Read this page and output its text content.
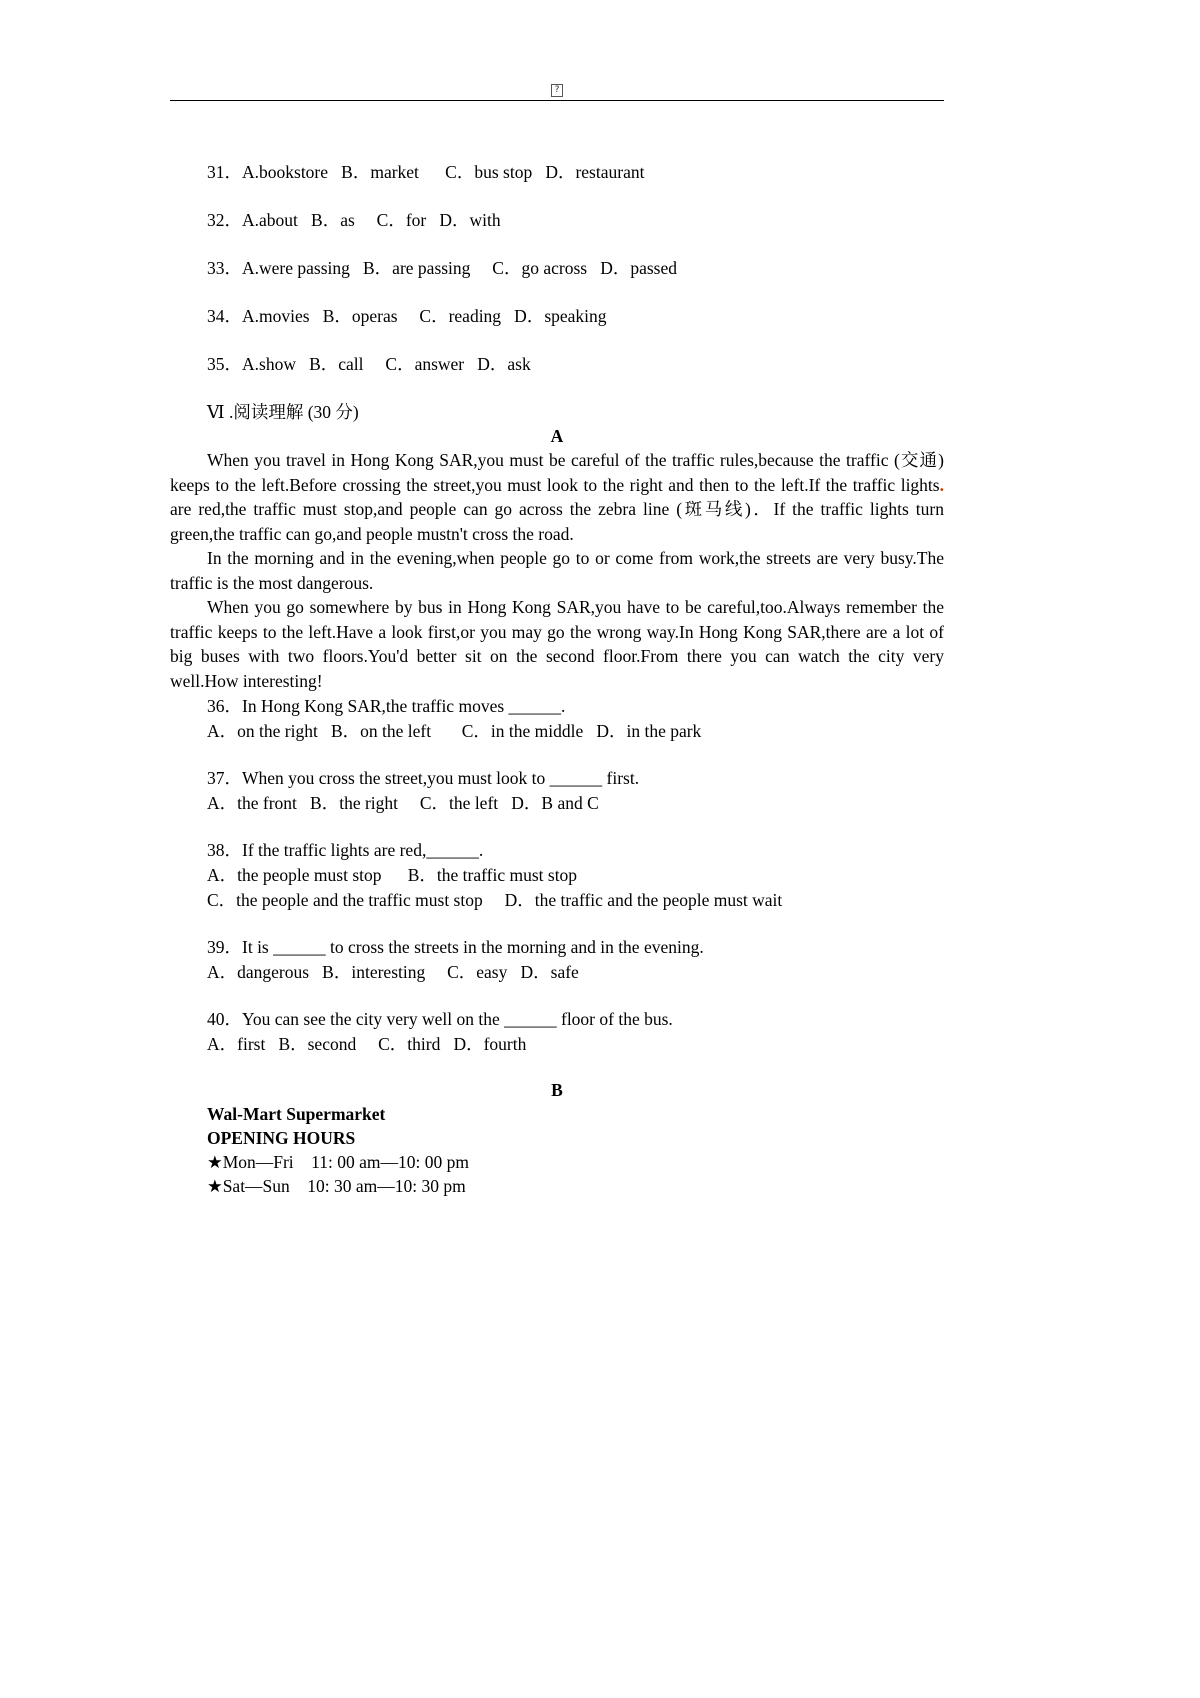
?

31．A.bookstore   B．market      C．bus stop   D．restaurant

32．A.about   B．as     C．for   D．with

33．A.were passing   B．are passing     C．go across   D．passed

34．A.movies   B．operas     C．reading   D．speaking

35．A.show   B．call     C．answer   D．ask

Ⅵ .阅读理解 (30 分)

A

When you travel in Hong Kong SAR,you must be careful of the traffic rules,because the traffic (交通) keeps to the left.Before crossing the street,you must look to the right and then to the left.If the traffic lights. are red,the traffic must stop,and people can go across the zebra line (斑马线)．If the traffic lights turn green,the traffic can go,and people mustn't cross the road.

In the morning and in the evening,when people go to or come from work,the streets are very busy.The traffic is the most dangerous.

When you go somewhere by bus in Hong Kong SAR,you have to be careful,too.Always remember the traffic keeps to the left.Have a look first,or you may go the wrong way.In Hong Kong SAR,there are a lot of big buses with two floors.You'd better sit on the second floor.From there you can watch the city very well.How interesting!

36．In Hong Kong SAR,the traffic moves ______.

A．on the right   B．on the left       C．in the middle   D．in the park

37．When you cross the street,you must look to ______ first.

A．the front   B．the right     C．the left   D．B and C

38．If the traffic lights are red,______.

A．the people must stop      B．the traffic must stop

C．the people and the traffic must stop     D．the traffic and the people must wait

39．It is ______ to cross the streets in the morning and in the evening.

A．dangerous   B．interesting     C．easy   D．safe

40．You can see the city very well on the ______ floor of the bus.

A．first   B．second     C．third   D．fourth

B

Wal-Mart Supermarket

OPENING HOURS

★Mon—Fri    11: 00 am—10: 00 pm

★Sat—Sun    10: 30 am—10: 30 pm
